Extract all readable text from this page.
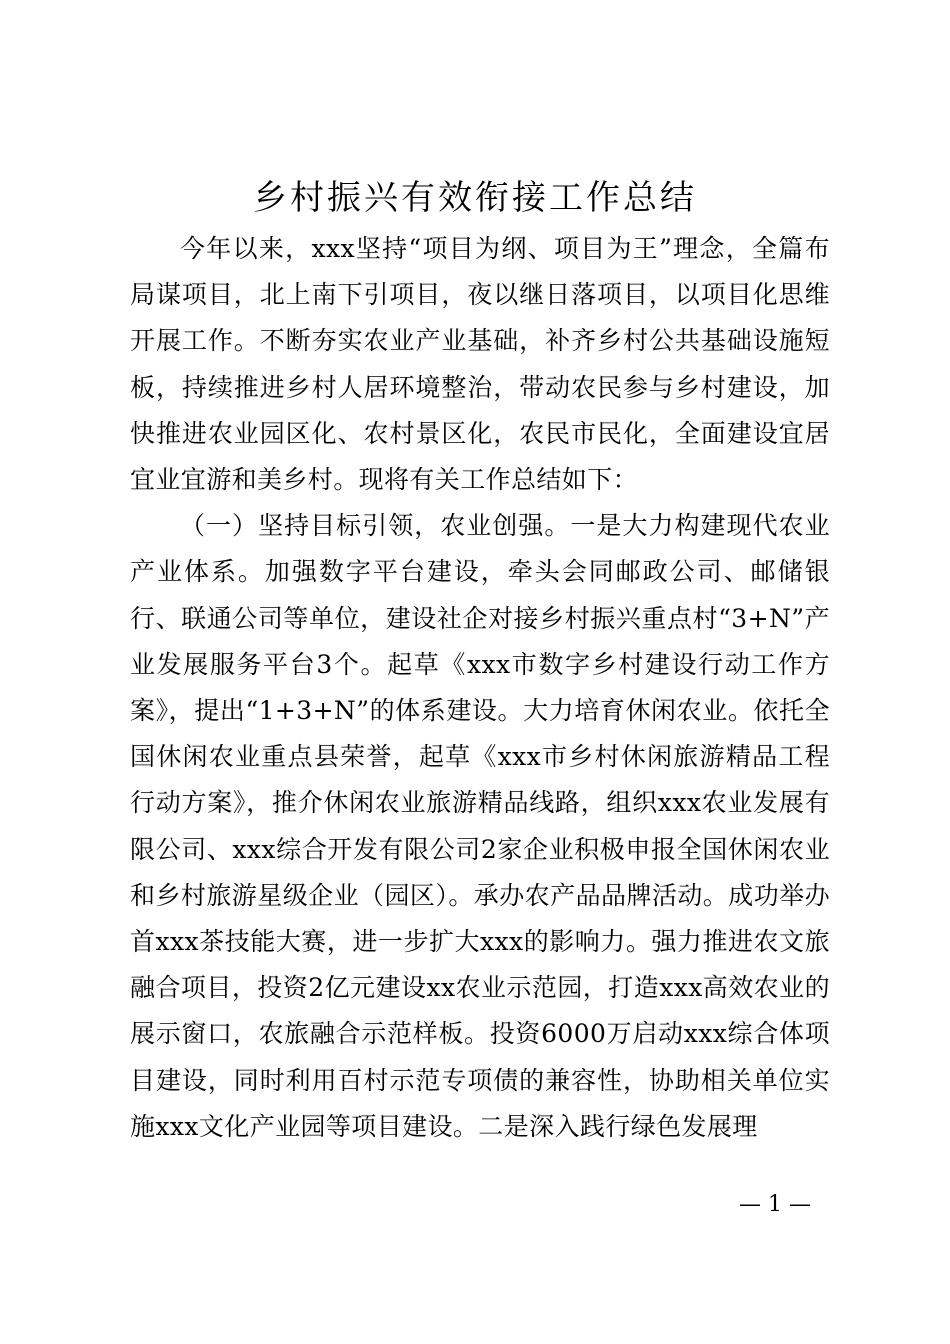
乡村振兴有效衔接工作总结

今年以来，xxx坚持“项目为纲、项目为王”理念，全篇布局谋项目，北上南下引项目，夜以继日落项目，以项目化思维开展工作。不断夯实农业产业基础，补齐乡村公共基础设施短板，持续推进乡村人居环境整治，带动农民参与乡村建设，加快推进农业园区化、农村景区化，农民市民化，全面建设宜居宜业宜游和美乡村。现将有关工作总结如下：

（一）坚持目标引领，农业创强。一是大力构建现代农业产业体系。加强数字平台建设，牵头会同邮政公司、邮储银行、联通公司等单位，建设社企对接乡村振兴重点村“3+N”产业发展服务平台3个。起草《xxx市数字乡村建设行动工作方案》，提出“1+3+N”的体系建设。大力培育休闲农业。依托全国休闲农业重点县荣誉，起草《xxx市乡村休闲旅游精品工程行动方案》，推介休闲农业旅游精品线路，组织xxx农业发展有限公司、xxx综合开发有限公司2家企业积极申报全国休闲农业和乡村旅游星级企业（园区）。承办农产品品牌活动。成功举办首xxx茶技能大赛，进一步扩大xxx的影响力。强力推进农文旅融合项目，投资2亿元建设xx农业示范园，打造xxx高效农业的展示窗口，农旅融合示范样板。投资6000万启动xxx综合体项目建设，同时利用百村示范专项债的兼容性，协助相关单位实施xxx文化产业园等项目建设。二是深入践行绿色发展理

— 1 —
